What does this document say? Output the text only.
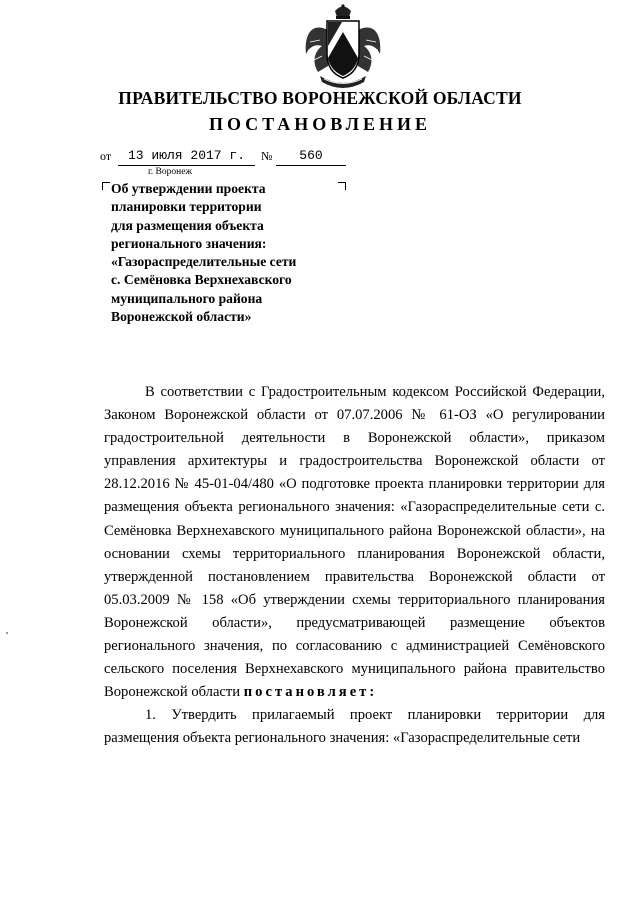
ПРАВИТЕЛЬСТВО ВОРОНЕЖСКОЙ ОБЛАСТИ
ПОСТАНОВЛЕНИЕ
от	13 июля 2017 г.	№	560
г. Воронеж
Об утверждении проекта
планировки территории
для размещения объекта
регионального значения:
«Газораспределительные сети
с. Семёновка Верхнехавского
муниципального района
Воронежской области»

В соответствии с Градостроительным кодексом Российской Федерации, Законом Воронежской области от 07.07.2006 № 61-ОЗ «О регулировании градостроительной деятельности в Воронежской области», приказом управления архитектуры и градостроительства Воронежской области от 28.12.2016 № 45-01-04/480 «О подготовке проекта планировки территории для размещения объекта регионального значения: «Газораспределительные сети с. Семёновка Верхнехавского муниципального района Воронежской области», на основании схемы территориального планирования Воронежской области, утвержденной постановлением правительства Воронежской области от 05.03.2009 № 158 «Об утверждении схемы территориального планирования Воронежской области», предусматривающей размещение объектов регионального значения, по согласованию с администрацией Семёновского сельского поселения Верхнехавского муниципального района правительство Воронежской области постановляет:

1. Утвердить прилагаемый проект планировки территории для размещения объекта регионального значения: «Газораспределительные сети
